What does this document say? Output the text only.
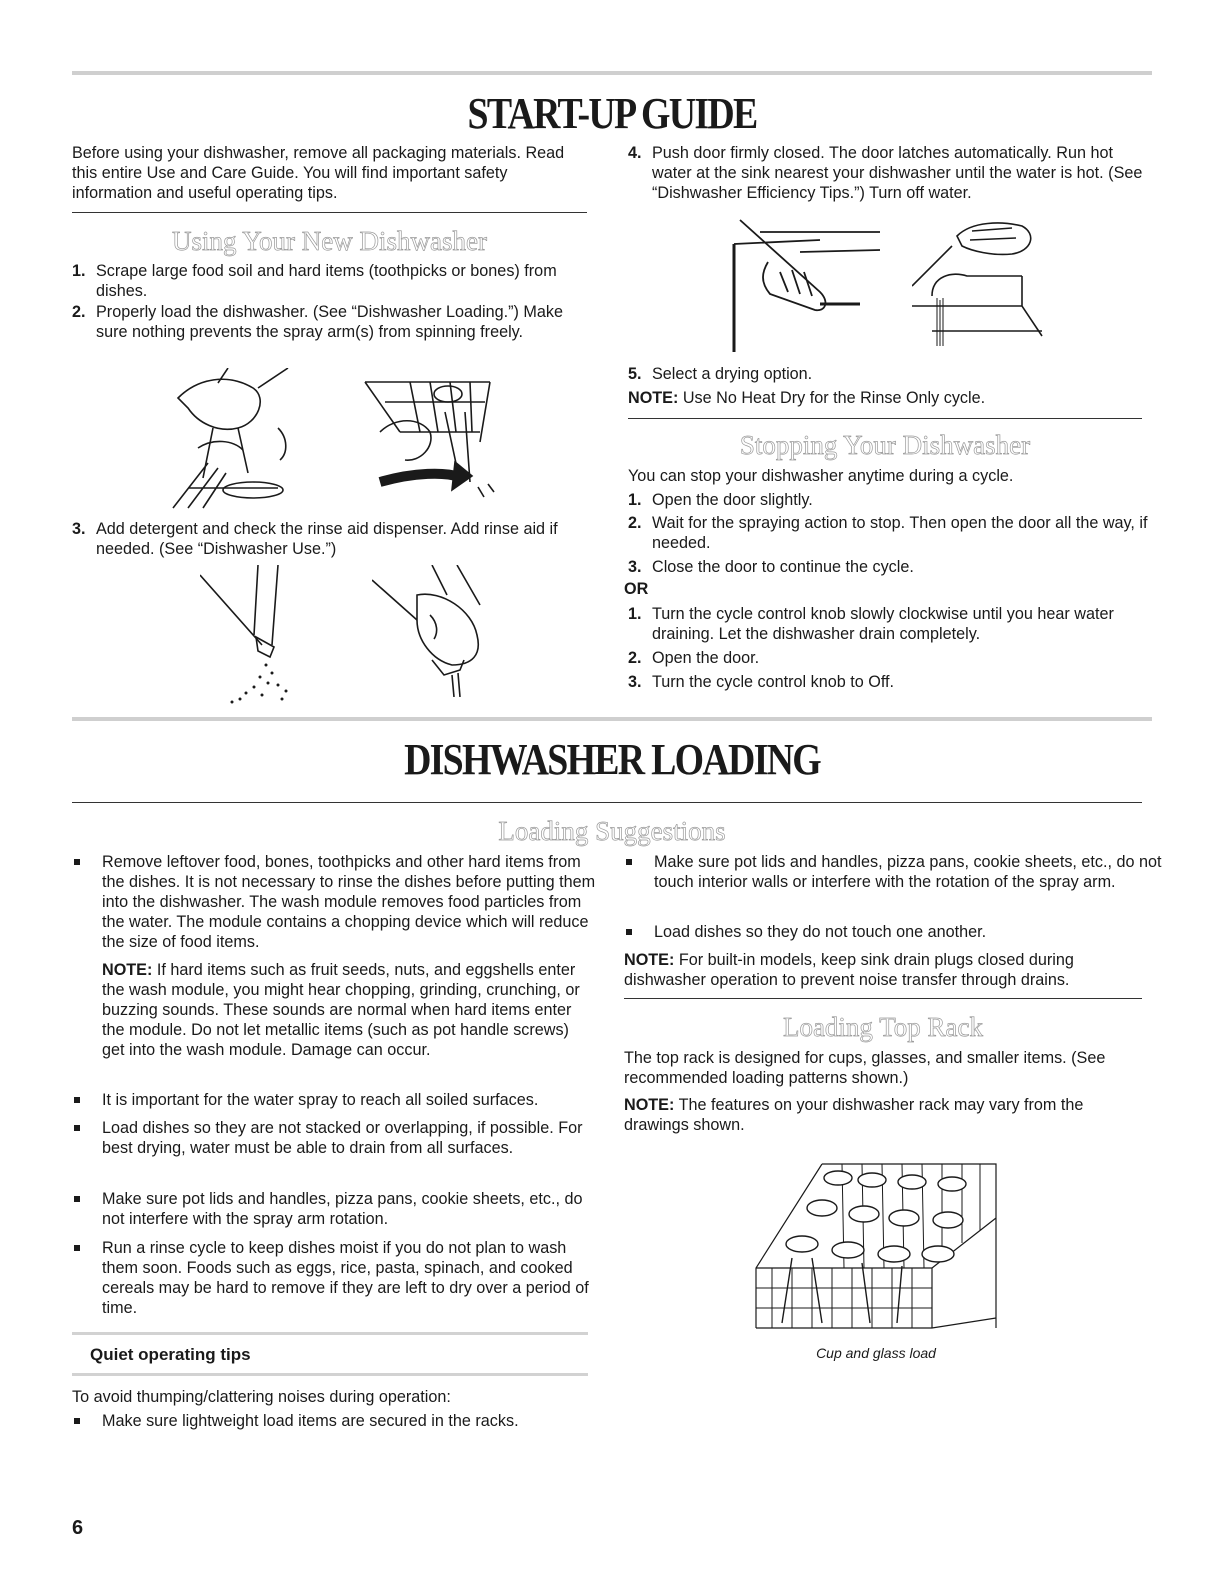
START-UP GUIDE

Before using your dishwasher, remove all packaging materials. Read this entire Use and Care Guide. You will find important safety information and useful operating tips.

Using Your New Dishwasher
1. Scrape large food soil and hard items (toothpicks or bones) from dishes.
2. Properly load the dishwasher. (See “Dishwasher Loading.”) Make sure nothing prevents the spray arm(s) from spinning freely.
3. Add detergent and check the rinse aid dispenser. Add rinse aid if needed. (See “Dishwasher Use.”)
4. Push door firmly closed. The door latches automatically. Run hot water at the sink nearest your dishwasher until the water is hot. (See “Dishwasher Efficiency Tips.”) Turn off water.
5. Select a drying option.

NOTE: Use No Heat Dry for the Rinse Only cycle.

Stopping Your Dishwasher

You can stop your dishwasher anytime during a cycle.

1. Open the door slightly.
2. Wait for the spraying action to stop. Then open the door all the way, if needed.
3. Close the door to continue the cycle.

OR

1. Turn the cycle control knob slowly clockwise until you hear water draining. Let the dishwasher drain completely.
2. Open the door.
3. Turn the cycle control knob to Off.
DISHWASHER LOADING
Loading Suggestions
Remove leftover food, bones, toothpicks and other hard items from the dishes. It is not necessary to rinse the dishes before putting them into the dishwasher. The wash module removes food particles from the water. The module contains a chopping device which will reduce the size of food items.

NOTE: If hard items such as fruit seeds, nuts, and eggshells enter the wash module, you might hear chopping, grinding, crunching, or buzzing sounds. These sounds are normal when hard items enter the module. Do not let metallic items (such as pot handle screws) get into the wash module. Damage can occur.

It is important for the water spray to reach all soiled surfaces.
Load dishes so they are not stacked or overlapping, if possible. For best drying, water must be able to drain from all surfaces.
Make sure pot lids and handles, pizza pans, cookie sheets, etc., do not interfere with the spray arm rotation.
Run a rinse cycle to keep dishes moist if you do not plan to wash them soon. Foods such as eggs, rice, pasta, spinach, and cooked cereals may be hard to remove if they are left to dry over a period of time.

Quiet operating tips

To avoid thumping/clattering noises during operation:

Make sure lightweight load items are secured in the racks.
Make sure pot lids and handles, pizza pans, cookie sheets, etc., do not touch interior walls or interfere with the rotation of the spray arm.
Load dishes so they do not touch one another.

NOTE: For built-in models, keep sink drain plugs closed during dishwasher operation to prevent noise transfer through drains.

Loading Top Rack

The top rack is designed for cups, glasses, and smaller items. (See recommended loading patterns shown.)

NOTE: The features on your dishwasher rack may vary from the drawings shown.

Cup and glass load

6
